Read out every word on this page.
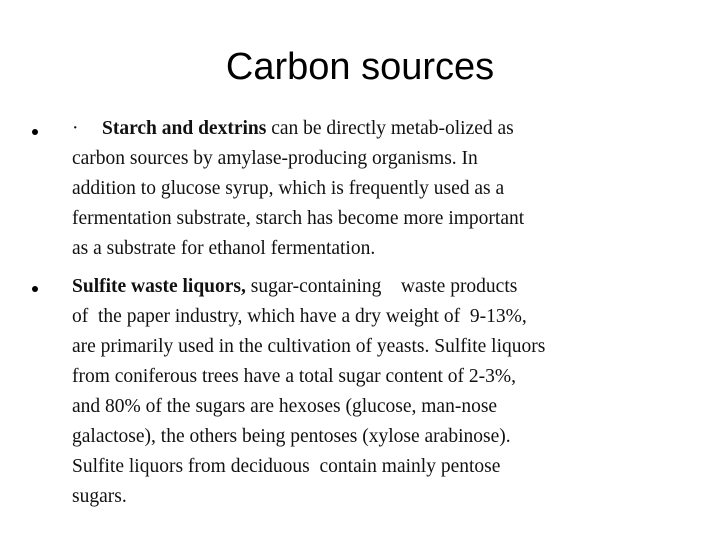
Carbon sources
· Starch and dextrins can be directly metab-olized as
carbon sources by amylase-producing organisms. In
addition to glucose syrup, which is frequently used as a
fermentation substrate, starch has become more important
as a substrate for ethanol fermentation.
Sulfite waste liquors, sugar-containing    waste products
of  the paper industry, which have a dry weight of  9-13%,
are primarily used in the cultivation of yeasts. Sulfite liquors
from coniferous trees have a total sugar content of 2-3%,
and 80% of the sugars are hexoses (glucose, man-nose
galactose), the others being pentoses (xylose arabinose).
Sulfite liquors from deciduous  contain mainly pentose
sugars.
